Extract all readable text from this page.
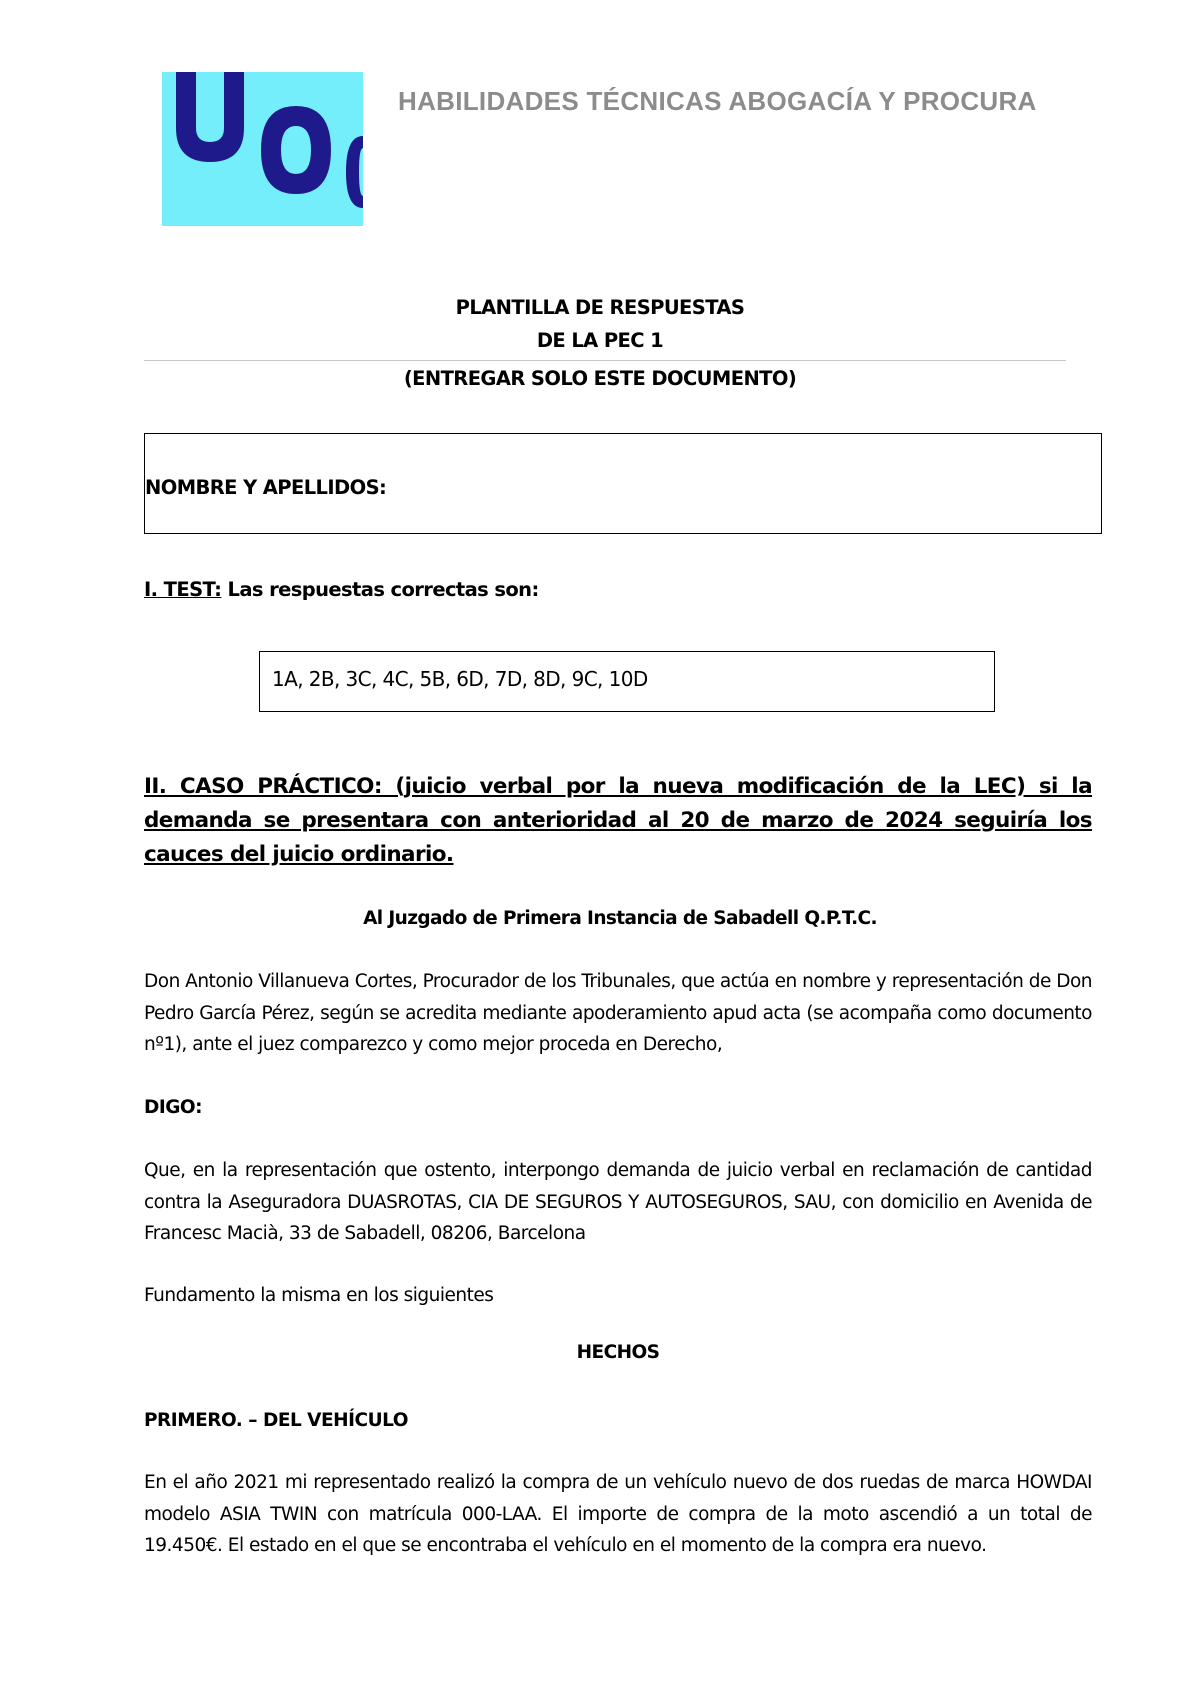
HABILIDADES TÉCNICAS ABOGACÍA Y PROCURA
PLANTILLA DE RESPUESTAS
DE LA PEC 1
(ENTREGAR SOLO ESTE DOCUMENTO)
NOMBRE Y APELLIDOS:
I. TEST: Las respuestas correctas son:
1A, 2B, 3C, 4C, 5B, 6D, 7D, 8D, 9C, 10D
II. CASO PRÁCTICO: (juicio verbal por la nueva modificación de la LEC) si la demanda se presentara con anterioridad al 20 de marzo de 2024 seguiría los cauces del juicio ordinario.
Al Juzgado de Primera Instancia de Sabadell Q.P.T.C.
Don Antonio Villanueva Cortes, Procurador de los Tribunales, que actúa en nombre y representación de Don Pedro García Pérez, según se acredita mediante apoderamiento apud acta (se acompaña como documento nº1), ante el juez comparezco y como mejor proceda en Derecho,
DIGO:
Que, en la representación que ostento, interpongo demanda de juicio verbal en reclamación de cantidad contra la Aseguradora DUASROTAS, CIA DE SEGUROS Y AUTOSEGUROS, SAU, con domicilio en Avenida de Francesc Macià, 33 de Sabadell, 08206, Barcelona
Fundamento la misma en los siguientes
HECHOS
PRIMERO. – DEL VEHÍCULO
En el año 2021 mi representado realizó la compra de un vehículo nuevo de dos ruedas de marca HOWDAI modelo ASIA TWIN con matrícula 000-LAA. El importe de compra de la moto ascendió a un total de 19.450€. El estado en el que se encontraba el vehículo en el momento de la compra era nuevo.
